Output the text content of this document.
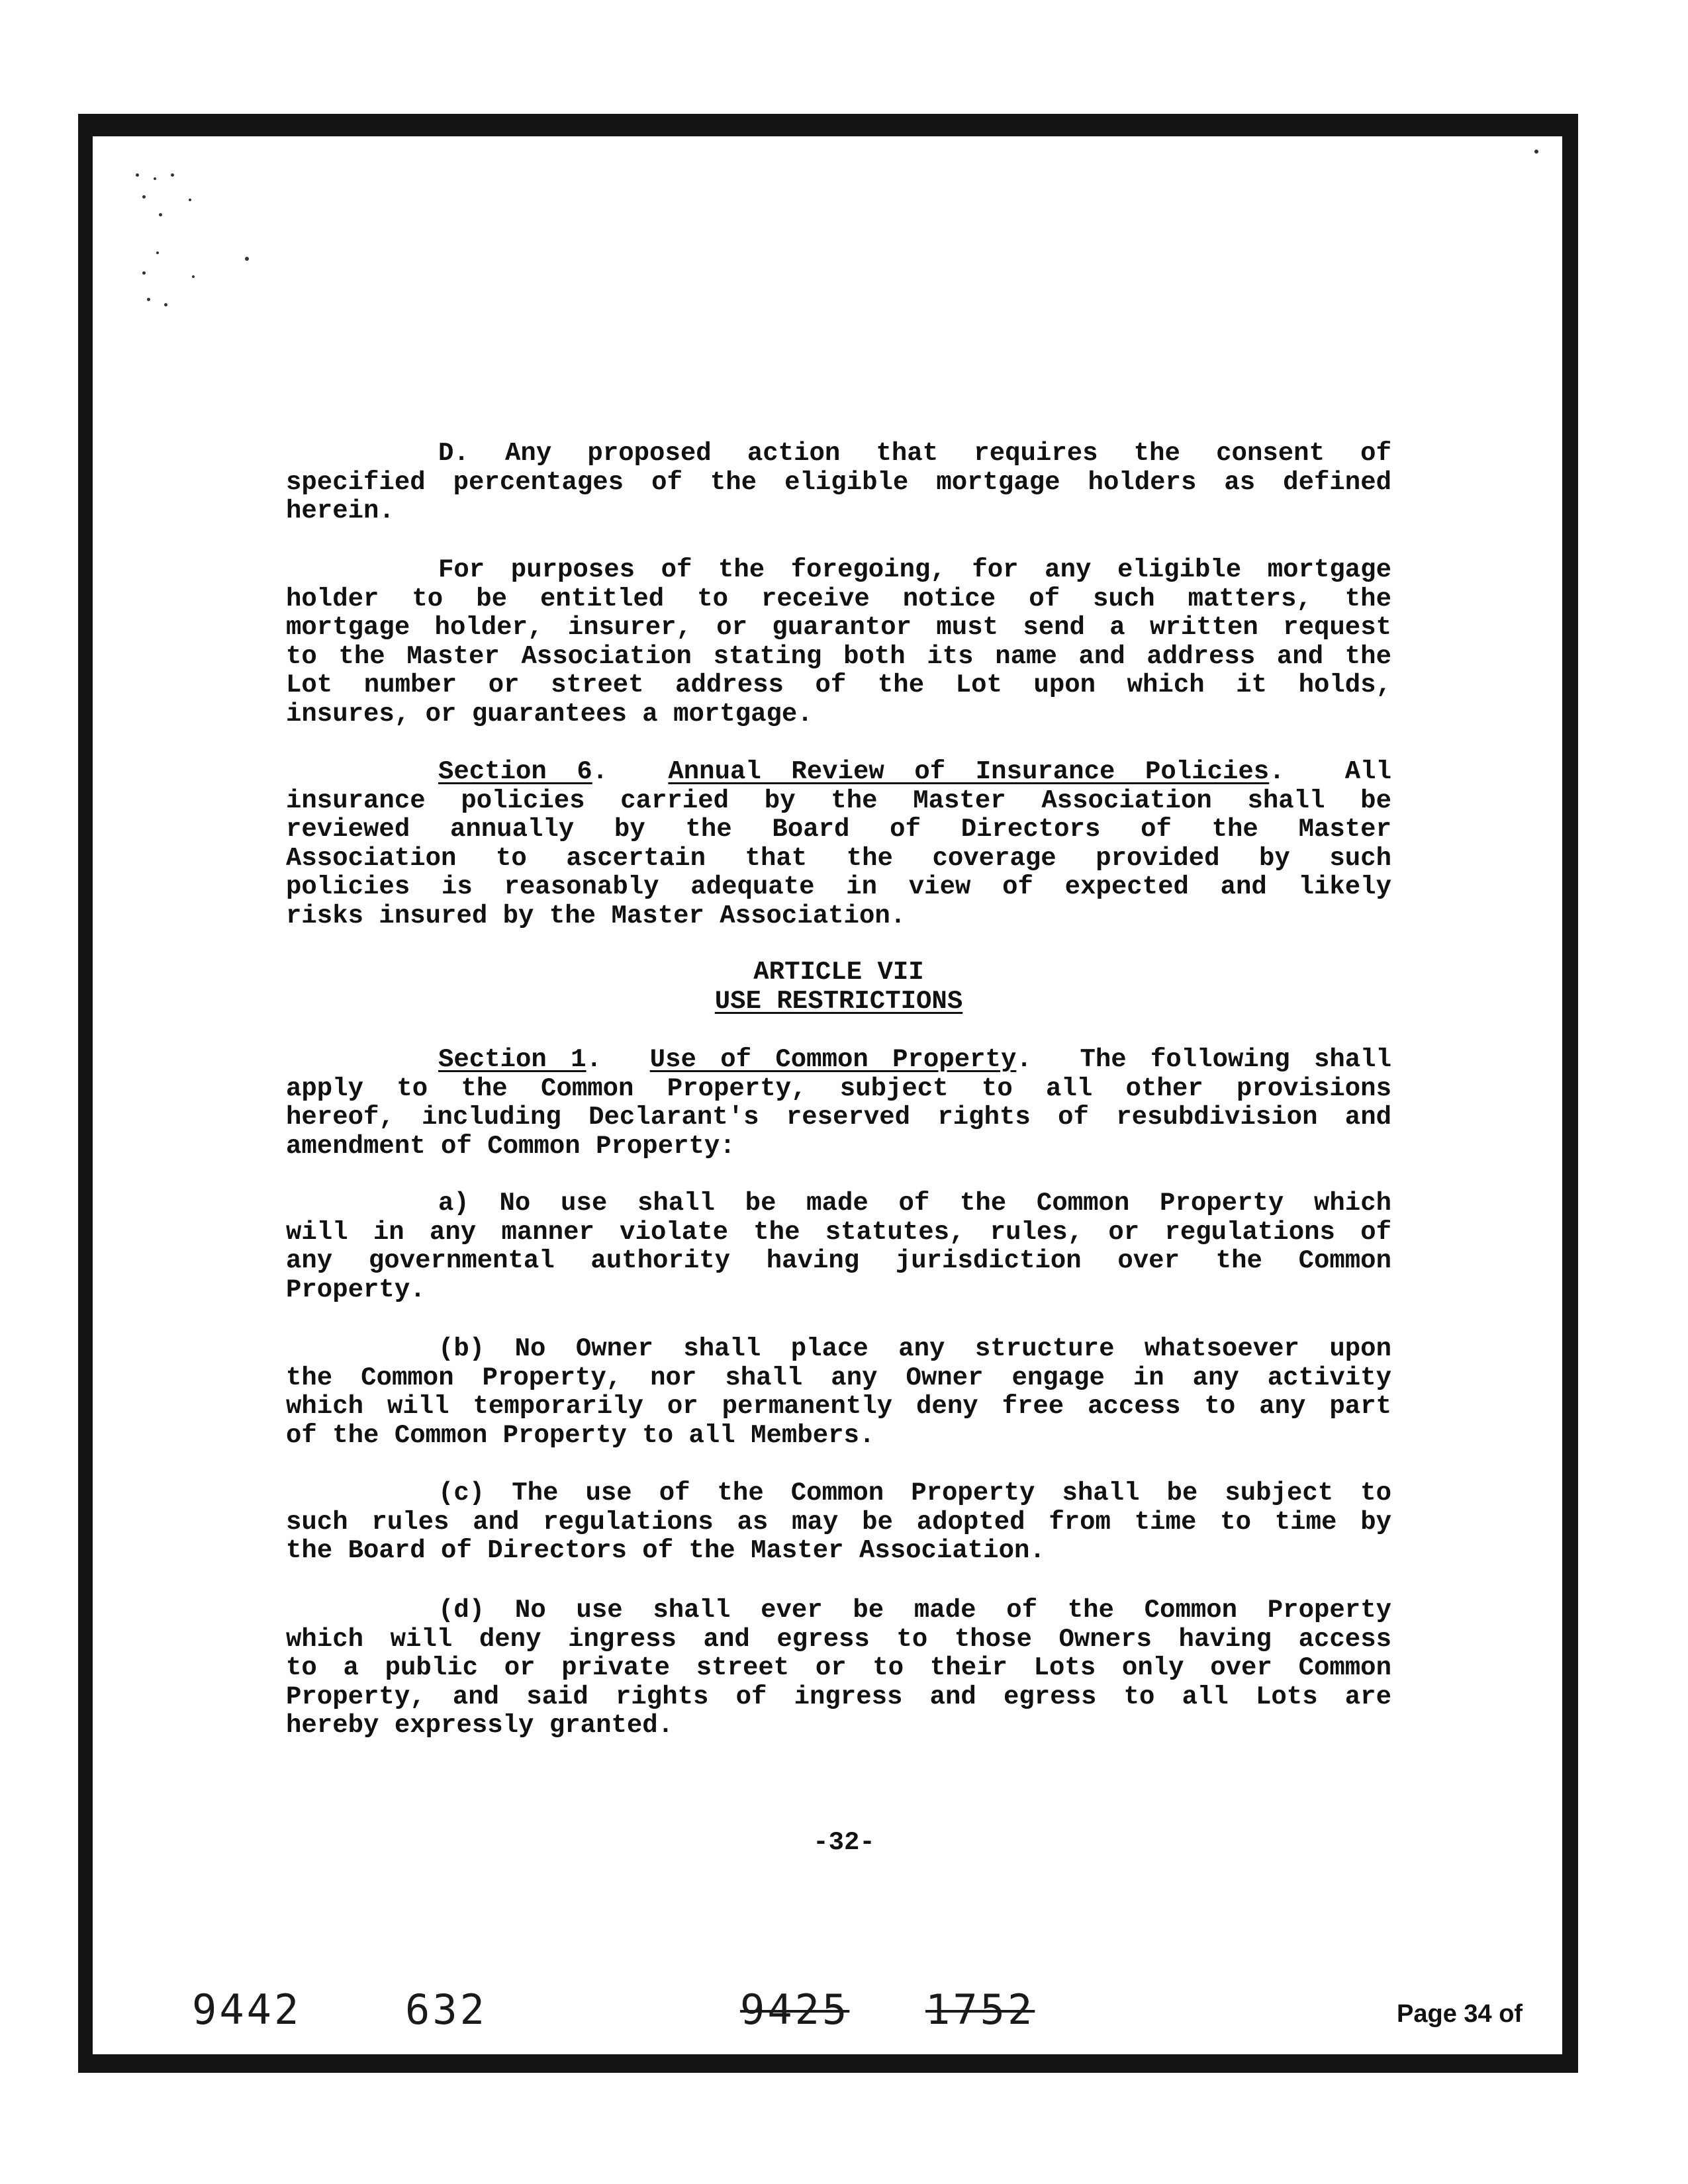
D. Any proposed action that requires the consent of
specified percentages of the eligible mortgage holders as defined
herein.
For purposes of the foregoing, for any eligible mortgage
holder to be entitled to receive notice of such matters, the
mortgage holder, insurer, or guarantor must send a written request
to the Master Association stating both its name and address and the
Lot number or street address of the Lot upon which it holds,
insures, or guarantees a mortgage.
Section 6.  Annual Review of Insurance Policies.  All
insurance policies carried by the Master Association shall be
reviewed annually by the Board of Directors of the Master
Association to ascertain that the coverage provided by such
policies is reasonably adequate in view of expected and likely
risks insured by the Master Association.
ARTICLE VII
USE RESTRICTIONS
Section 1.  Use of Common Property.  The following shall
apply to the Common Property, subject to all other provisions
hereof, including Declarant's reserved rights of resubdivision and
amendment of Common Property:
a) No use shall be made of the Common Property which
will in any manner violate the statutes, rules, or regulations of
any governmental authority having jurisdiction over the Common
Property.
(b) No Owner shall place any structure whatsoever upon
the Common Property, nor shall any Owner engage in any activity
which will temporarily or permanently deny free access to any part
of the Common Property to all Members.
(c) The use of the Common Property shall be subject to
such rules and regulations as may be adopted from time to time by
the Board of Directors of the Master Association.
(d) No use shall ever be made of the Common Property
which will deny ingress and egress to those Owners having access
to a public or private street or to their Lots only over Common
Property, and said rights of ingress and egress to all Lots are
hereby expressly granted.
-32-
9442	632	9425 1752	Page 34 of
